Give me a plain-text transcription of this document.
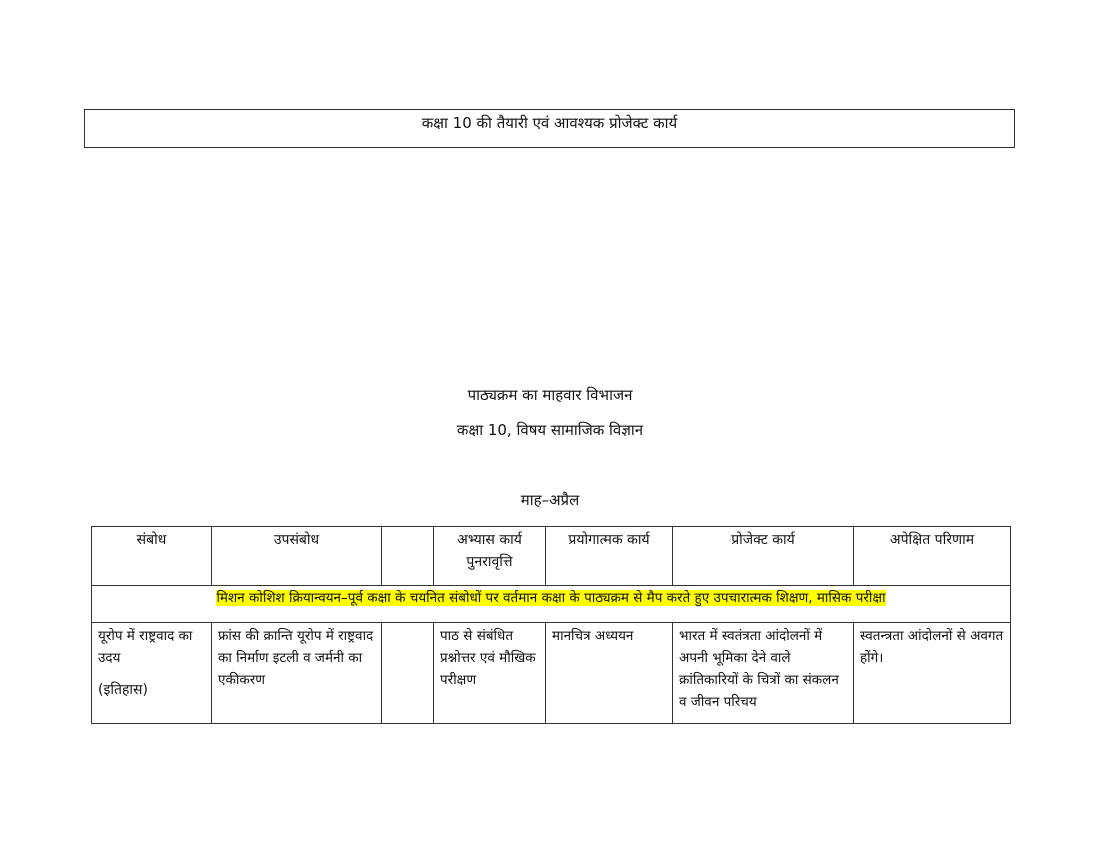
कक्षा 10 की तैयारी एवं आवश्यक प्रोजेक्ट कार्य
पाठ्यक्रम का माहवार विभाजन
कक्षा 10, विषय सामाजिक विज्ञान
माह–अप्रैल
संबोध	उपसंबोध		अभ्यास कार्य पुनरावृत्ति	प्रयोगात्मक कार्य	प्रोजेक्ट कार्य	अपेक्षित परिणाम
मिशन कोशिश क्रियान्वयन–पूर्व कक्षा के चयनित संबोधों पर वर्तमान कक्षा के पाठ्यक्रम से मैप करते हुए उपचारात्मक शिक्षण, मासिक परीक्षा						
यूरोप में राष्ट्रवाद का उदय
(इतिहास)	फ्रांस की क्रान्ति यूरोप में राष्ट्रवाद का निर्माण इटली व जर्मनी का एकीकरण		पाठ से संबंधित प्रश्नोत्तर एवं मौखिक परीक्षण	मानचित्र अध्ययन	भारत में स्वतंत्रता आंदोलनों में अपनी भूमिका देने वाले क्रांतिकारियों के चित्रों का संकलन व जीवन परिचय	स्वतन्त्रता आंदोलनों से अवगत होंगे।
